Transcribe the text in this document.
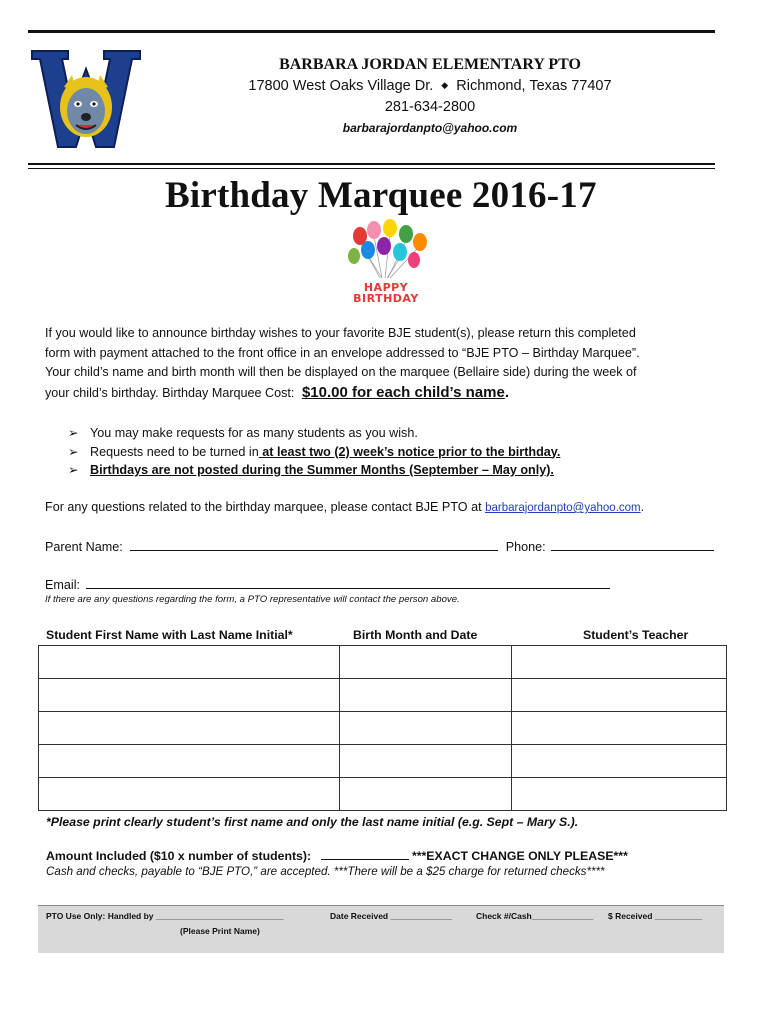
BARBARA JORDAN ELEMENTARY PTO
17800 West Oaks Village Dr. ◆ Richmond, Texas 77407
281-634-2800
barbarajordanpto@yahoo.com
Birthday Marquee 2016-17
HAPPY BIRTHDAY
If you would like to announce birthday wishes to your favorite BJE student(s), please return this completed
form with payment attached to the front office in an envelope addressed to “BJE PTO – Birthday Marquee”.
Your child’s name and birth month will then be displayed on the marquee (Bellaire side) during the week of
your child’s birthday. Birthday Marquee Cost: $10.00 for each child’s name.
➢ You may make requests for as many students as you wish.
➢ Requests need to be turned in at least two (2) week’s notice prior to the birthday.
➢ Birthdays are not posted during the Summer Months (September – May only).
For any questions related to the birthday marquee, please contact BJE PTO at barbarajordanpto@yahoo.com.
Parent Name:	Phone:
Email:
If there are any questions regarding the form, a PTO representative will contact the person above.
Student First Name with Last Name Initial*	Birth Month and Date	Student’s Teacher

*Please print clearly student’s first name and only the last name initial (e.g. Sept – Mary S.).
Amount Included ($10 x number of students):	***EXACT CHANGE ONLY PLEASE***
Cash and checks, payable to “BJE PTO,” are accepted. ***There will be a $25 charge for returned checks****
PTO Use Only: Handled by ___________________________
(Please Print Name)
Date Received _____________	Check #/Cash_____________ $ Received __________
